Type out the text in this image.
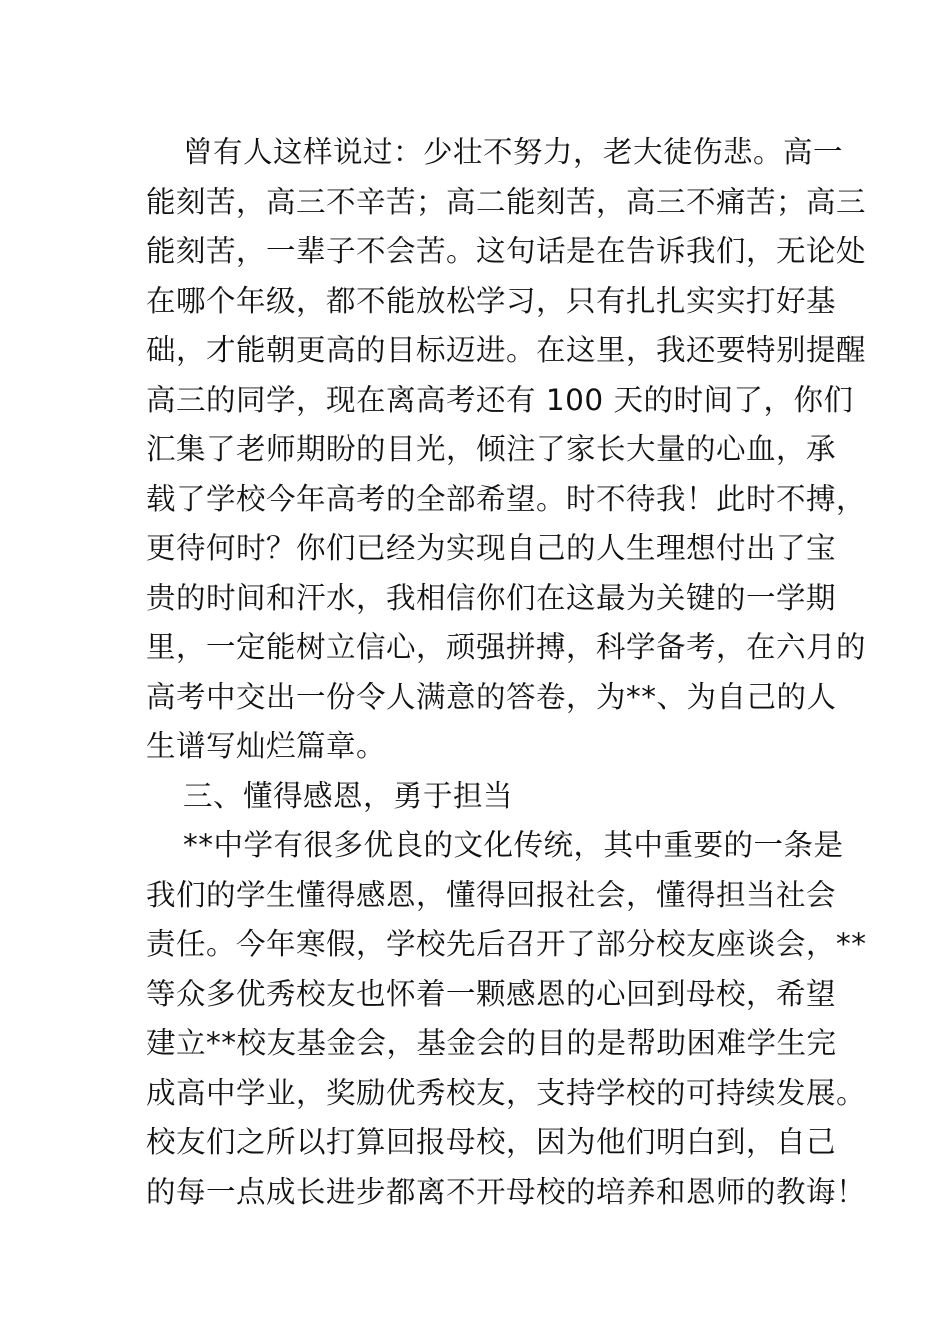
曾有人这样说过：少壮不努力，老大徒伤悲。高一
能刻苦，高三不辛苦；高二能刻苦，高三不痛苦；高三
能刻苦，一辈子不会苦。这句话是在告诉我们，无论处
在哪个年级，都不能放松学习，只有扎扎实实打好基
础，才能朝更高的目标迈进。在这里，我还要特别提醒
高三的同学，现在离高考还有 100 天的时间了，你们
汇集了老师期盼的目光，倾注了家长大量的心血，承
载了学校今年高考的全部希望。时不待我！此时不搏，
更待何时？你们已经为实现自己的人生理想付出了宝
贵的时间和汗水，我相信你们在这最为关键的一学期
里，一定能树立信心，顽强拼搏，科学备考，在六月的
高考中交出一份令人满意的答卷，为**、为自己的人
生谱写灿烂篇章。
三、懂得感恩，勇于担当
**中学有很多优良的文化传统，其中重要的一条是
我们的学生懂得感恩，懂得回报社会，懂得担当社会
责任。今年寒假，学校先后召开了部分校友座谈会，**
等众多优秀校友也怀着一颗感恩的心回到母校，希望
建立**校友基金会，基金会的目的是帮助困难学生完
成高中学业，奖励优秀校友，支持学校的可持续发展。
校友们之所以打算回报母校，因为他们明白到，自己
的每一点成长进步都离不开母校的培养和恩师的教诲！
